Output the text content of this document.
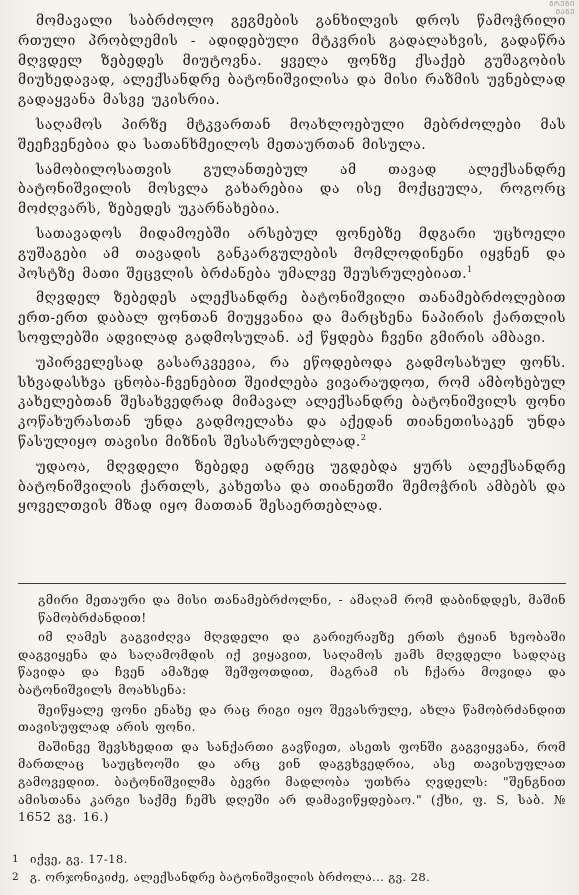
ᲒᲠᲣᲜᲘ
ᲛᲐᲜᲣ

მომავალი საბრძოლო გეგმების განხილვის დროს წამოჭრილი რთული პრობლემის - ადიდებული მტკვრის გადალახვის, გადაწრა მღვდელ ზებედეს მიუტოვნა. ყველა ფონზე ქსაქებ გუშაგობის მიუხედავად, ალექსანდრე ბატონიშვილისა და მისი რაზმის უვნებლად გადაყვანა მასვე უკისრია.

საღამოს პირზე მტკვართან მოახლოებული მებრძოლები მას შეეჩვენებია და სათანხმეილოს მეთაურთან მისულა.

სამობილოსათვის გულანთებულ ამ თავად ალექსანდრე ბატონიშვილის მოსვლა გახარებია და ისე მოქცეულა, როგორც მოძღვარს, ზებედეს უკარნახებია.

სათავადოს მიდამოებში არსებულ ფონებზე მდგარი უცხოელი გუშაგები ამ თავადის განკარგულების მომლოდინენი იყვნენ და პოსტზე მათი შეცვლის ბრძანება უმალვე შეუსრულებიათ.$^1$

მღვდელ ზებედეს ალექსანდრე ბატონიშვილი თანამებრძოლებით ერთ-ერთ დაბალ ფონთან მიუყვანია და მარცხენა ნაპირის ქართლის სოფლებში ადვილად გადმოსულან. აქ წყდება ჩვენი გმირის ამბავი.

უპირველესად გასარკვევია, რა ეწოდებოდა გადმოსახულ ფონს. სხვადასხვა ცნობა-ჩვენებით შეიძლება ვივარაუდოთ, რომ ამბოხებულ კახელებთან შესახვედრად მიმავალ ალექსანდრე ბატონიშვილს ფონი კოწახურასთან უნდა გადმოელახა და აქედან თიანეთისაკენ უნდა წასულიყო თავისი მიზნის შესასრულებლად.$^2$

უდაოა, მღვდელი ზებედე ადრეც უგდებდა ყურს ალექსანდრე ბატონიშვილის ქართლს, კახეთსა და თიანეთში შემოჭრის ამბებს და ყოველთვის მზად იყო მათთან შესაერთებლად.

გმირი მეთაური და მისი თანამებრძოლნი, - ამაღამ რომ დაბინდდეს, მაშინ წამობრძანდით!

იმ ღამეს გაგვიძღვა მღვდელი და გარიჟრაჟზე ერთს ტყიან ხეობაში დაგვიყენა და საღამომდის იქ ვიყავით, საღამოს ჟამს მღვდელი სადღაც წავიდა და ჩვენ ამაზედ შეშფოთდით, მაგრამ ის ჩქარა მოვიდა და ბატონიშვილს მოახსენა:

შეიწყალე ფონი ენახე და რაც რიგი იყო შევასრულე, ახლა წამობრძანდით თავისუფლად არის ფონი.

მაშინვე შევსხედით და სანქართი გავწიეთ, ასეთს ფონში გაგვიყვანა, რომ მართლაც საუცხოოში და არც ვინ დაგვხვედრია, ასე თავისუფლათ გამოვედით. ბატონიშვილმა ბევრი მადლობა უთხრა ღვდელს: "შენგნით ამისთანა კარგი საქმე ჩემს დღეში არ დამავიწყდებაო." (ქხი, ფ. S, საბ. № 1652 გვ. 16.)

1 იქვე, გვ. 17-18.
2 გ. ორჯონიკიძე, ალექსანდრე ბატონიშვილის ბრძოლა... გვ. 28.
